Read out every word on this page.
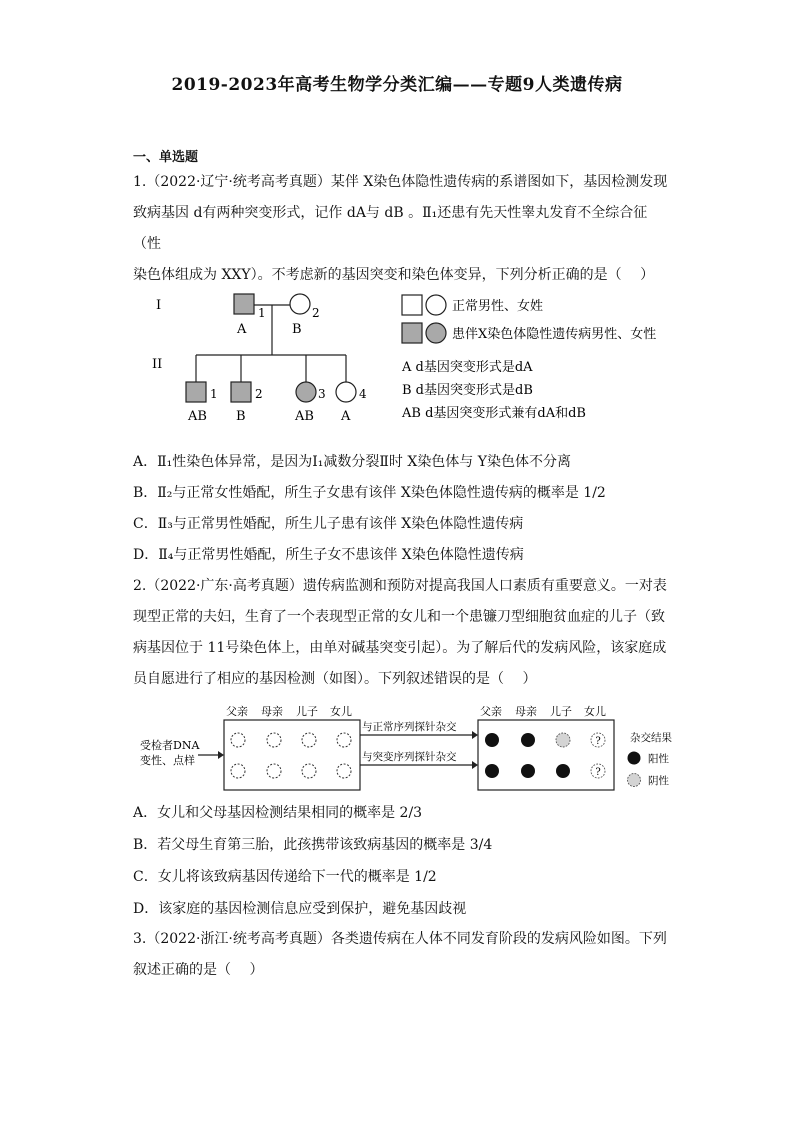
2019-2023年高考生物学分类汇编——专题9人类遗传病
一、单选题
1.（2022·辽宁·统考高考真题）某伴 X染色体隐性遗传病的系谱图如下，基因检测发现
致病基因 d有两种突变形式，记作 dA与 dB 。Ⅱ₁还患有先天性睾丸发育不全综合征（性
染色体组成为 XXY）。不考虑新的基因突变和染色体变异，下列分析正确的是（　 ）
I
II
1	2
A	B
1	2	3	4
AB B	AB A
正常男性、女姓
患伴X染色体隐性遗传病男性、女性
A d基因突变形式是dA
B d基因突变形式是dB
AB d基因突变形式兼有dA和dB
A．Ⅱ₁性染色体异常，是因为Ⅰ₁减数分裂Ⅱ时 X染色体与 Y染色体不分离
B．Ⅱ₂与正常女性婚配，所生子女患有该伴 X染色体隐性遗传病的概率是 1/2
C．Ⅱ₃与正常男性婚配，所生儿子患有该伴 X染色体隐性遗传病
D．Ⅱ₄与正常男性婚配，所生子女不患该伴 X染色体隐性遗传病
2.（2022·广东·高考真题）遗传病监测和预防对提高我国人口素质有重要意义。一对表
现型正常的夫妇，生育了一个表现型正常的女儿和一个患镰刀型细胞贫血症的儿子（致
病基因位于 11号染色体上，由单对碱基突变引起）。为了解后代的发病风险，该家庭成
员自愿进行了相应的基因检测（如图）。下列叙述错误的是（　 ）
受检者DNA
变性、点样
父亲 母亲 儿子 女儿
与正常序列探针杂交
与突变序列探针杂交
父亲 母亲 儿子 女儿
?
?
杂交结果
阳性
阴性
A．女儿和父母基因检测结果相同的概率是 2/3
B．若父母生育第三胎，此孩携带该致病基因的概率是 3/4
C．女儿将该致病基因传递给下一代的概率是 1/2
D．该家庭的基因检测信息应受到保护，避免基因歧视
3.（2022·浙江·统考高考真题）各类遗传病在人体不同发育阶段的发病风险如图。下列
叙述正确的是（　 ）
